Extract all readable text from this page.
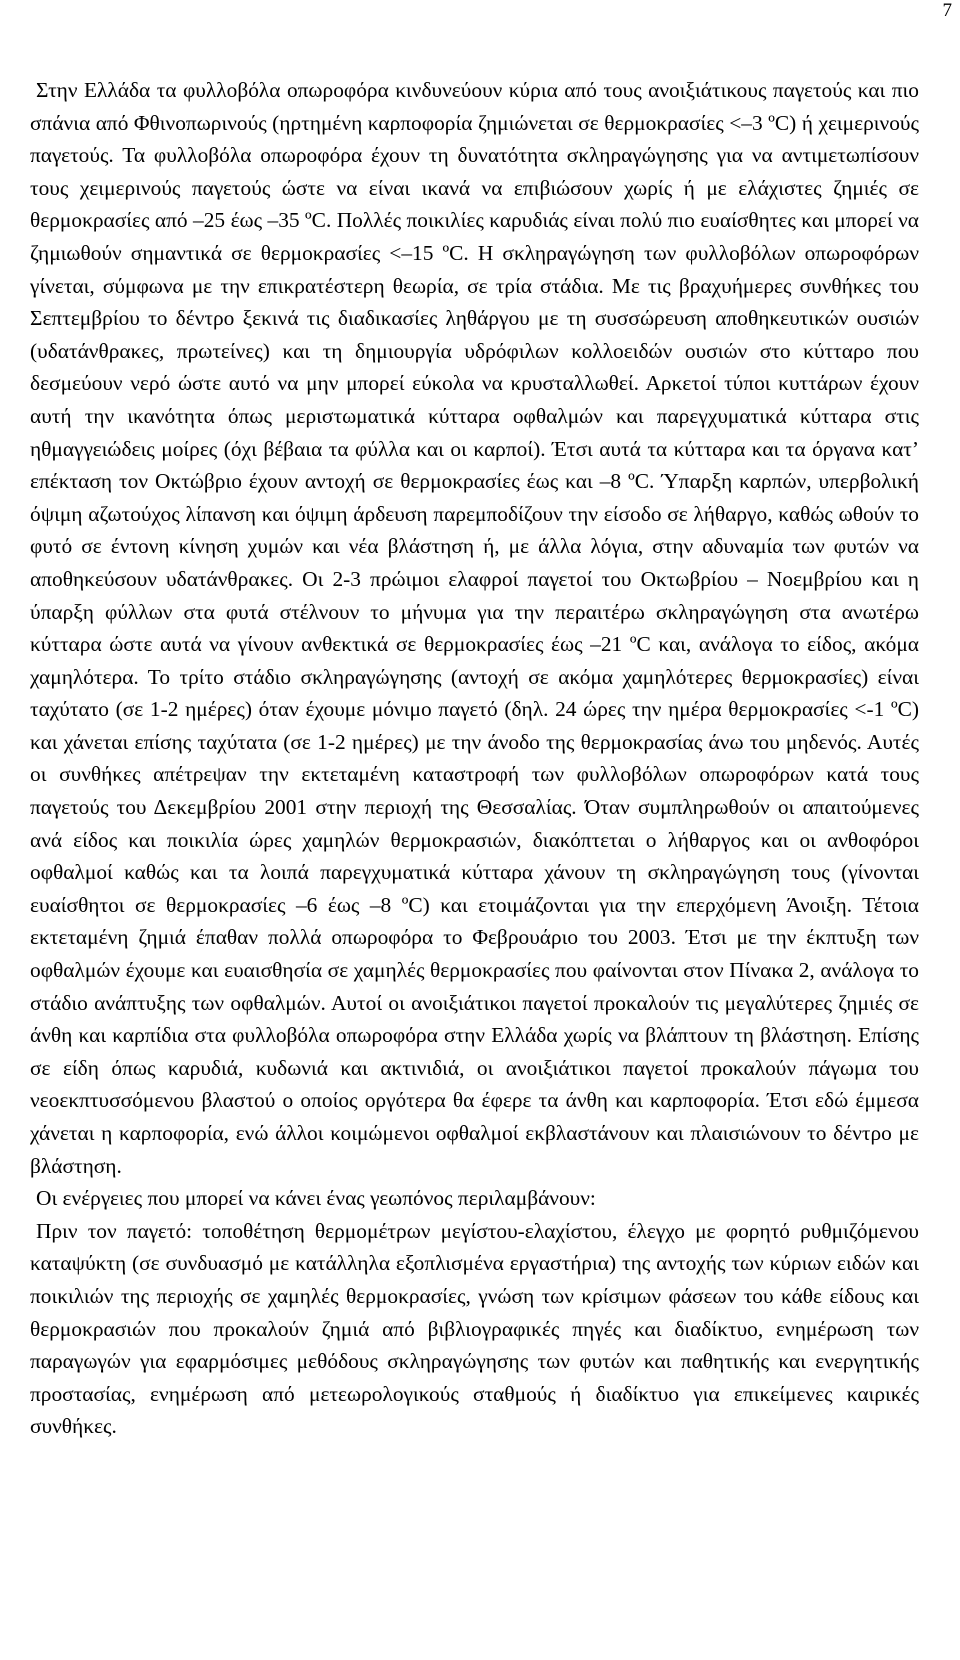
7

Στην Ελλάδα τα φυλλοβόλα οπωροφόρα κινδυνεύουν κύρια από τους ανοιξιάτικους παγετούς και πιο σπάνια από Φθινοπωρινούς (ηρτημένη καρποφορία ζημιώνεται σε θερμοκρασίες <–3 ºC) ή χειμερινούς παγετούς. Τα φυλλοβόλα οπωροφόρα έχουν τη δυνατότητα σκληραγώγησης για να αντιμετωπίσουν τους χειμερινούς παγετούς ώστε να είναι ικανά να επιβιώσουν χωρίς ή με ελάχιστες ζημιές σε θερμοκρασίες από –25 έως –35 ºC. Πολλές ποικιλίες καρυδιάς είναι πολύ πιο ευαίσθητες και μπορεί να ζημιωθούν σημαντικά σε θερμοκρασίες <–15 ºC. Η σκληραγώγηση των φυλλοβόλων οπωροφόρων γίνεται, σύμφωνα με την επικρατέστερη θεωρία, σε τρία στάδια. Με τις βραχυήμερες συνθήκες του Σεπτεμβρίου το δέντρο ξεκινά τις διαδικασίες ληθάργου με τη συσσώρευση αποθηκευτικών ουσιών (υδατάνθρακες, πρωτείνες) και τη δημιουργία υδρόφιλων κολλοειδών ουσιών στο κύτταρο που δεσμεύουν νερό ώστε αυτό να μην μπορεί εύκολα να κρυσταλλωθεί. Αρκετοί τύποι κυττάρων έχουν αυτή την ικανότητα όπως μεριστωματικά κύτταρα οφθαλμών και παρεγχυματικά κύτταρα στις ηθμαγγειώδεις μοίρες (όχι βέβαια τα φύλλα και οι καρποί). Έτσι αυτά τα κύτταρα και τα όργανα κατ’ επέκταση τον Οκτώβριο έχουν αντοχή σε θερμοκρασίες έως και –8 ºC. Ύπαρξη καρπών, υπερβολική όψιμη αζωτούχος λίπανση και όψιμη άρδευση παρεμποδίζουν την είσοδο σε λήθαργο, καθώς ωθούν το φυτό σε έντονη κίνηση χυμών και νέα βλάστηση ή, με άλλα λόγια, στην αδυναμία των φυτών να αποθηκεύσουν υδατάνθρακες. Οι 2-3 πρώιμοι ελαφροί παγετοί του Οκτωβρίου – Νοεμβρίου και η ύπαρξη φύλλων στα φυτά στέλνουν το μήνυμα για την περαιτέρω σκληραγώγηση στα ανωτέρω κύτταρα ώστε αυτά να γίνουν ανθεκτικά σε θερμοκρασίες έως –21 ºC και, ανάλογα το είδος, ακόμα χαμηλότερα. Το τρίτο στάδιο σκληραγώγησης (αντοχή σε ακόμα χαμηλότερες θερμοκρασίες) είναι ταχύτατο (σε 1-2 ημέρες) όταν έχουμε μόνιμο παγετό (δηλ. 24 ώρες την ημέρα θερμοκρασίες <-1 ºC) και χάνεται επίσης ταχύτατα (σε 1-2 ημέρες) με την άνοδο της θερμοκρασίας άνω του μηδενός. Αυτές οι συνθήκες απέτρεψαν την εκτεταμένη καταστροφή των φυλλοβόλων οπωροφόρων κατά τους παγετούς του Δεκεμβρίου 2001 στην περιοχή της Θεσσαλίας. Όταν συμπληρωθούν οι απαιτούμενες ανά είδος και ποικιλία ώρες χαμηλών θερμοκρασιών, διακόπτεται ο λήθαργος και οι ανθοφόροι οφθαλμοί καθώς και τα λοιπά παρεγχυματικά κύτταρα χάνουν τη σκληραγώγηση τους (γίνονται ευαίσθητοι σε θερμοκρασίες –6 έως –8 ºC) και ετοιμάζονται για την επερχόμενη Άνοιξη. Τέτοια εκτεταμένη ζημιά έπαθαν πολλά οπωροφόρα το Φεβρουάριο του 2003. Έτσι με την έκπτυξη των οφθαλμών έχουμε και ευαισθησία σε χαμηλές θερμοκρασίες που φαίνονται στον Πίνακα 2, ανάλογα το στάδιο ανάπτυξης των οφθαλμών. Αυτοί οι ανοιξιάτικοι παγετοί προκαλούν τις μεγαλύτερες ζημιές σε άνθη και καρπίδια στα φυλλοβόλα οπωροφόρα στην Ελλάδα χωρίς να βλάπτουν τη βλάστηση. Επίσης σε είδη όπως καρυδιά, κυδωνιά και ακτινιδιά, οι ανοιξιάτικοι παγετοί προκαλούν πάγωμα του νεοεκπτυσσόμενου βλαστού ο οποίος οργότερα θα έφερε τα άνθη και καρποφορία. Έτσι εδώ έμμεσα χάνεται η καρποφορία, ενώ άλλοι κοιμώμενοι οφθαλμοί εκβλαστάνουν και πλαισιώνουν το δέντρο με βλάστηση.

Οι ενέργειες που μπορεί να κάνει ένας γεωπόνος περιλαμβάνουν:

Πριν τον παγετό: τοποθέτηση θερμομέτρων μεγίστου-ελαχίστου, έλεγχο με φορητό ρυθμιζόμενου καταψύκτη (σε συνδυασμό με κατάλληλα εξοπλισμένα εργαστήρια) της αντοχής των κύριων ειδών και ποικιλιών της περιοχής σε χαμηλές θερμοκρασίες, γνώση των κρίσιμων φάσεων του κάθε είδους και θερμοκρασιών που προκαλούν ζημιά από βιβλιογραφικές πηγές και διαδίκτυο, ενημέρωση των παραγωγών για εφαρμόσιμες μεθόδους σκληραγώγησης των φυτών και παθητικής και ενεργητικής προστασίας, ενημέρωση από μετεωρολογικούς σταθμούς ή διαδίκτυο για επικείμενες καιρικές συνθήκες.
